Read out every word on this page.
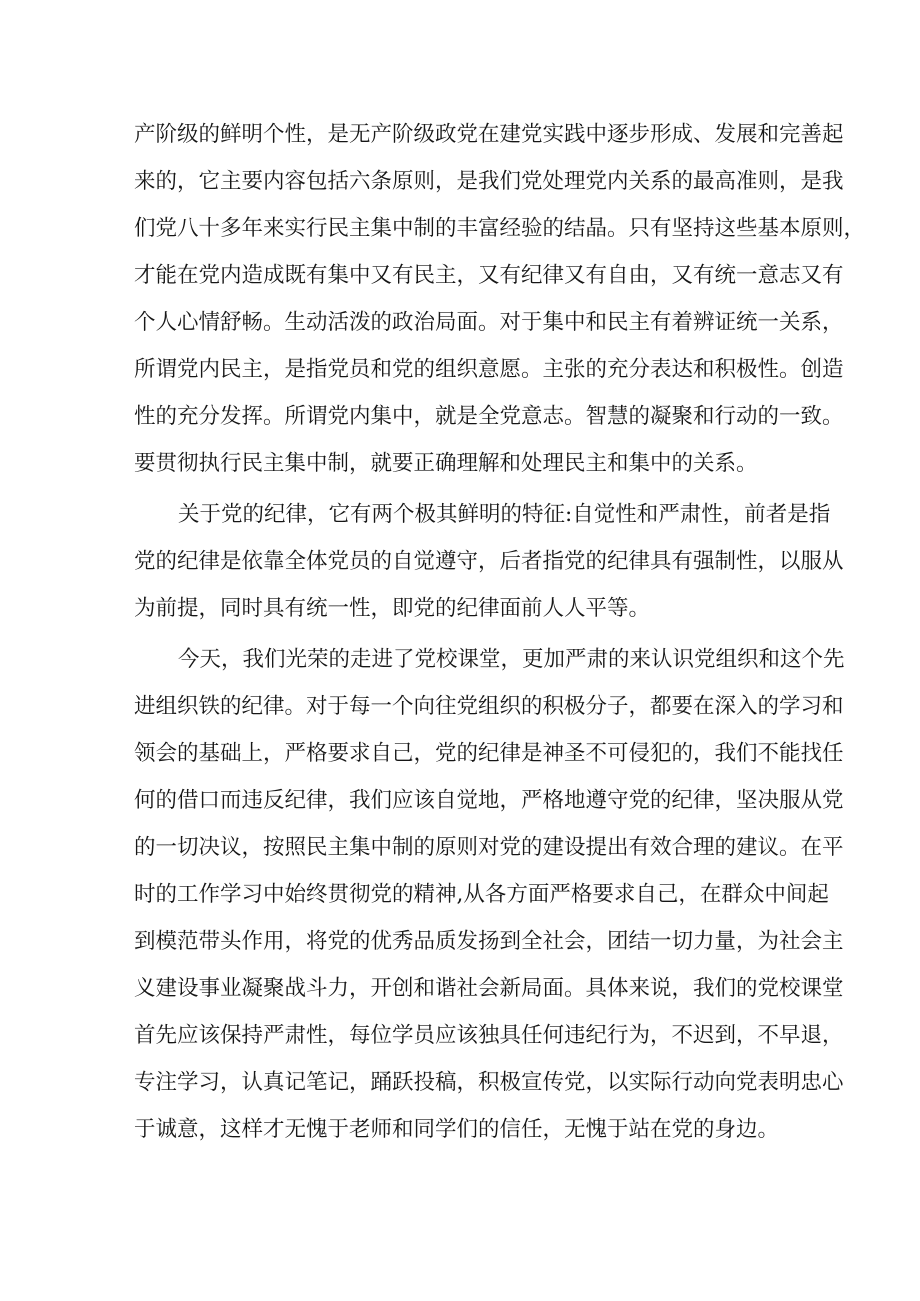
产阶级的鲜明个性，是无产阶级政党在建党实践中逐步形成、发展和完善起
来的，它主要内容包括六条原则，是我们党处理党内关系的最高准则，是我
们党八十多年来实行民主集中制的丰富经验的结晶。只有坚持这些基本原则，
才能在党内造成既有集中又有民主，又有纪律又有自由，又有统一意志又有
个人心情舒畅。生动活泼的政治局面。对于集中和民主有着辨证统一关系，
所谓党内民主，是指党员和党的组织意愿。主张的充分表达和积极性。创造
性的充分发挥。所谓党内集中，就是全党意志。智慧的凝聚和行动的一致。
要贯彻执行民主集中制，就要正确理解和处理民主和集中的关系。
关于党的纪律，它有两个极其鲜明的特征:自觉性和严肃性，前者是指
党的纪律是依靠全体党员的自觉遵守，后者指党的纪律具有强制性，以服从
为前提，同时具有统一性，即党的纪律面前人人平等。
今天，我们光荣的走进了党校课堂，更加严肃的来认识党组织和这个先
进组织铁的纪律。对于每一个向往党组织的积极分子，都要在深入的学习和
领会的基础上，严格要求自己，党的纪律是神圣不可侵犯的，我们不能找任
何的借口而违反纪律，我们应该自觉地，严格地遵守党的纪律，坚决服从党
的一切决议，按照民主集中制的原则对党的建设提出有效合理的建议。在平
时的工作学习中始终贯彻党的精神,从各方面严格要求自己，在群众中间起
到模范带头作用，将党的优秀品质发扬到全社会，团结一切力量，为社会主
义建设事业凝聚战斗力，开创和谐社会新局面。具体来说，我们的党校课堂
首先应该保持严肃性，每位学员应该独具任何违纪行为，不迟到，不早退，
专注学习，认真记笔记，踊跃投稿，积极宣传党，以实际行动向党表明忠心
于诚意，这样才无愧于老师和同学们的信任，无愧于站在党的身边。
